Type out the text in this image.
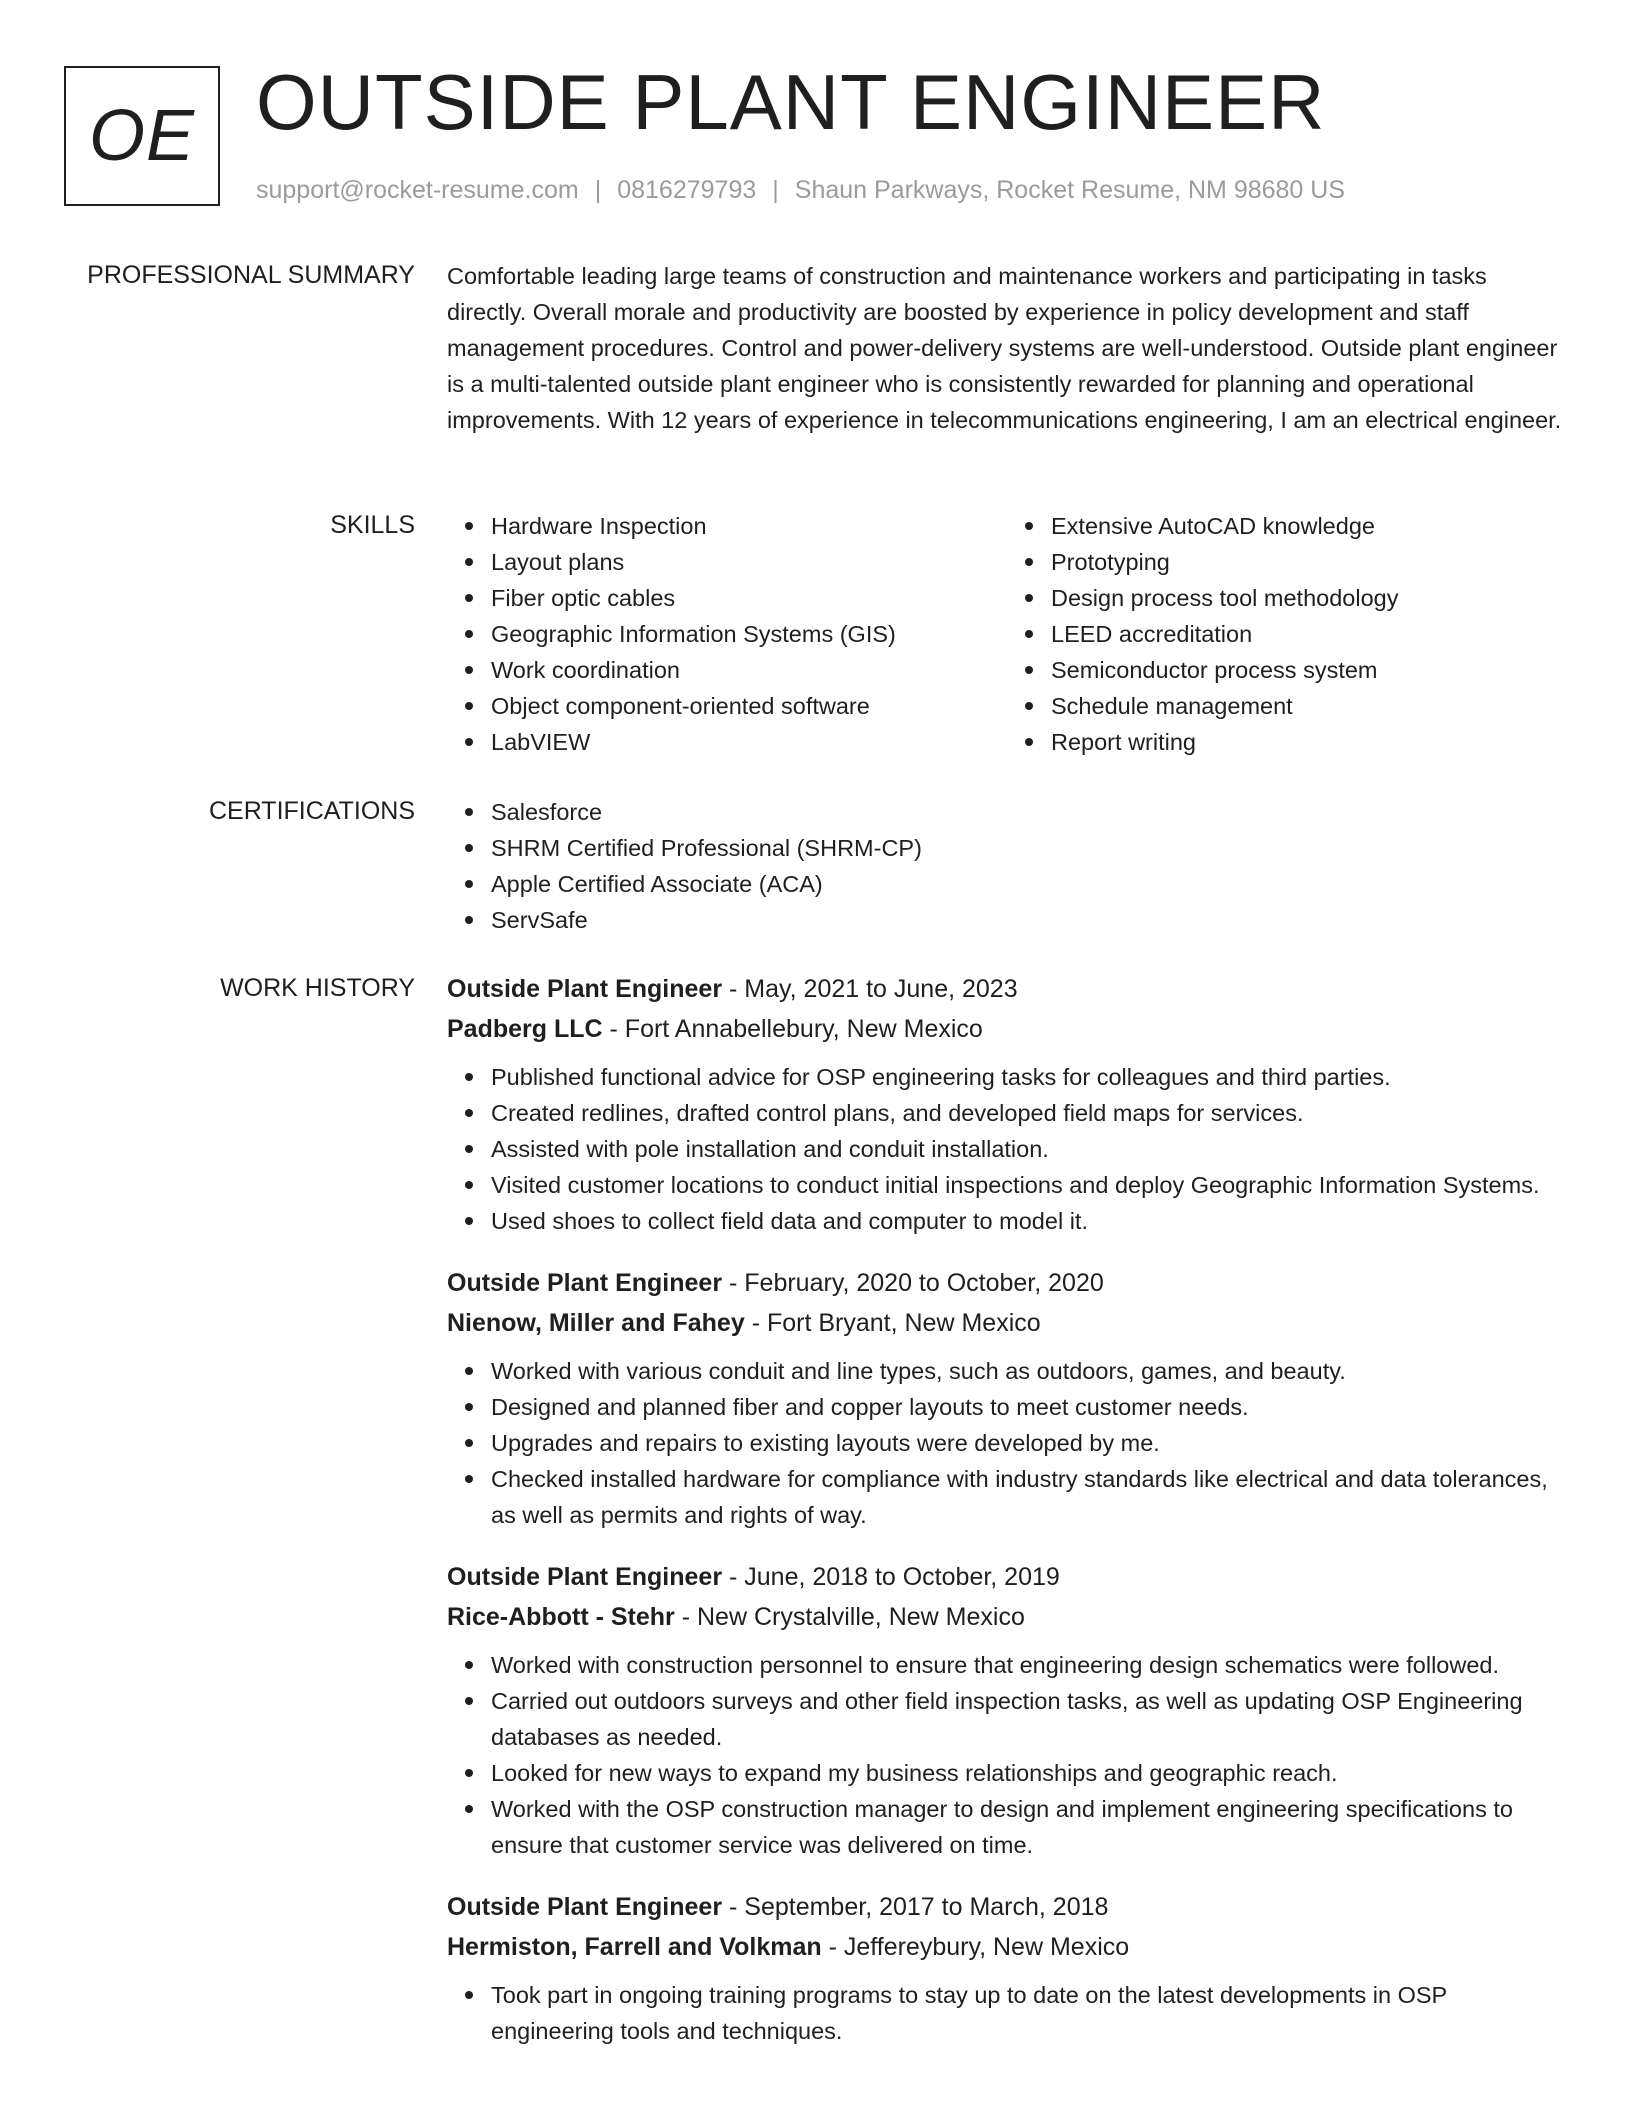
OE OUTSIDE PLANT ENGINEER
support@rocket-resume.com | 0816279793 | Shaun Parkways, Rocket Resume, NM 98680 US
PROFESSIONAL SUMMARY Comfortable leading large teams of construction and maintenance workers and participating in tasks directly. Overall morale and productivity are boosted by experience in policy development and staff management procedures. Control and power-delivery systems are well-understood. Outside plant engineer is a multi-talented outside plant engineer who is consistently rewarded for planning and operational improvements. With 12 years of experience in telecommunications engineering, I am an electrical engineer.

SKILLS	Hardware Inspection
Layout plans
Fiber optic cables
Geographic Information Systems (GIS)
Work coordination
Object component-oriented software
LabVIEW
Extensive AutoCAD knowledge
Prototyping
Design process tool methodology
LEED accreditation
Semiconductor process system
Schedule management
Report writing
CERTIFICATIONS	Salesforce
SHRM Certified Professional (SHRM-CP)
Apple Certified Associate (ACA)
ServSafe
WORK HISTORY Outside Plant Engineer - May, 2021 to June, 2023
Padberg LLC - Fort Annabellebury, New Mexico
Published functional advice for OSP engineering tasks for colleagues and third parties.
Created redlines, drafted control plans, and developed field maps for services.
Assisted with pole installation and conduit installation.
Visited customer locations to conduct initial inspections and deploy Geographic Information Systems.
Used shoes to collect field data and computer to model it.
Outside Plant Engineer - February, 2020 to October, 2020
Nienow, Miller and Fahey - Fort Bryant, New Mexico
Worked with various conduit and line types, such as outdoors, games, and beauty.
Designed and planned fiber and copper layouts to meet customer needs.
Upgrades and repairs to existing layouts were developed by me.
Checked installed hardware for compliance with industry standards like electrical and data tolerances, as well as permits and rights of way.
Outside Plant Engineer - June, 2018 to October, 2019
Rice-Abbott - Stehr - New Crystalville, New Mexico
Worked with construction personnel to ensure that engineering design schematics were followed.
Carried out outdoors surveys and other field inspection tasks, as well as updating OSP Engineering databases as needed.
Looked for new ways to expand my business relationships and geographic reach.
Worked with the OSP construction manager to design and implement engineering specifications to ensure that customer service was delivered on time.
Outside Plant Engineer - September, 2017 to March, 2018
Hermiston, Farrell and Volkman - Jeffereybury, New Mexico
Took part in ongoing training programs to stay up to date on the latest developments in OSP engineering tools and techniques.
